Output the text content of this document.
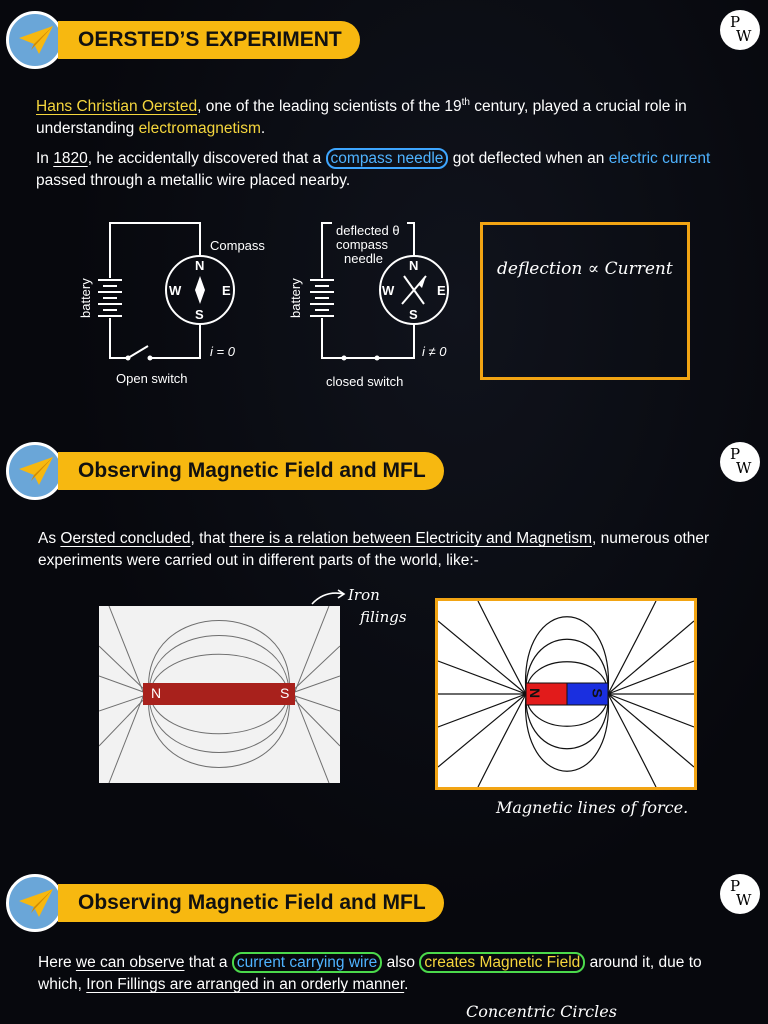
OERSTED’S EXPERIMENT
P
W
Hans Christian Oersted, one of the leading scientists of the 19th century, played a crucial role in understanding electromagnetism.
In 1820, he accidentally discovered that a compass needle got deflected when an electric current passed through a metallic wire placed nearby.
battery
Compass
N
S
W	E
Open switch
i = 0
battery
deflected θ
compass
needle N
S
W	E
closed switch
i ≠ 0
deflection ∝ Current
Observing Magnetic Field and MFL
P
W
As Oersted concluded, that there is a relation between Electricity and Magnetism, numerous other experiments were carried out in different parts of the world, like:-
Iron
filings
N	S	N	S
Magnetic lines of force.
Observing Magnetic Field and MFL
P
W
Here we can observe that a current carrying wire also creates Magnetic Field around it, due to which, Iron Fillings are arranged in an orderly manner.
Concentric Circles
